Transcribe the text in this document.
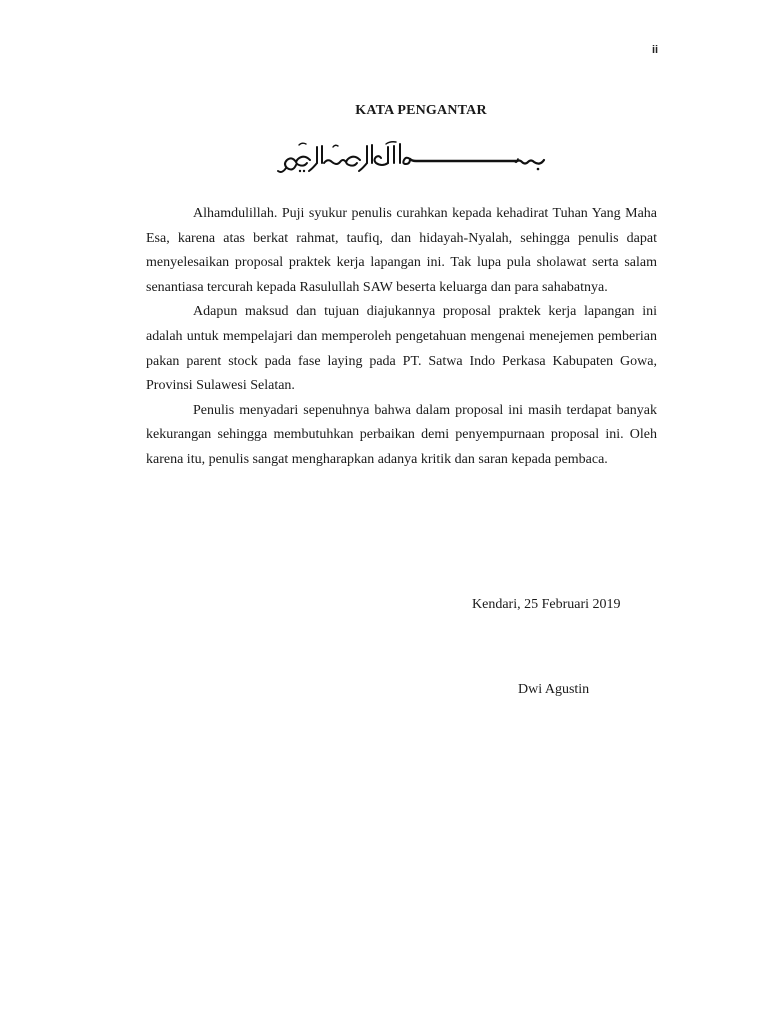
ii
KATA PENGANTAR

Alhamdulillah. Puji syukur penulis curahkan kepada kehadirat Tuhan Yang Maha Esa, karena atas berkat rahmat, taufiq, dan hidayah-Nyalah, sehingga penulis dapat menyelesaikan proposal praktek kerja lapangan ini. Tak lupa pula sholawat serta salam senantiasa tercurah kepada Rasulullah SAW beserta keluarga dan para sahabatnya.

Adapun maksud dan tujuan diajukannya proposal praktek kerja lapangan ini adalah untuk mempelajari dan memperoleh pengetahuan mengenai menejemen pemberian pakan parent stock pada fase laying pada PT. Satwa Indo Perkasa Kabupaten Gowa, Provinsi Sulawesi Selatan.

Penulis menyadari sepenuhnya bahwa dalam proposal ini masih terdapat banyak kekurangan sehingga membutuhkan perbaikan demi penyempurnaan proposal ini. Oleh karena itu, penulis sangat mengharapkan adanya kritik dan saran kepada pembaca.

Kendari, 25 Februari 2019
Dwi Agustin
